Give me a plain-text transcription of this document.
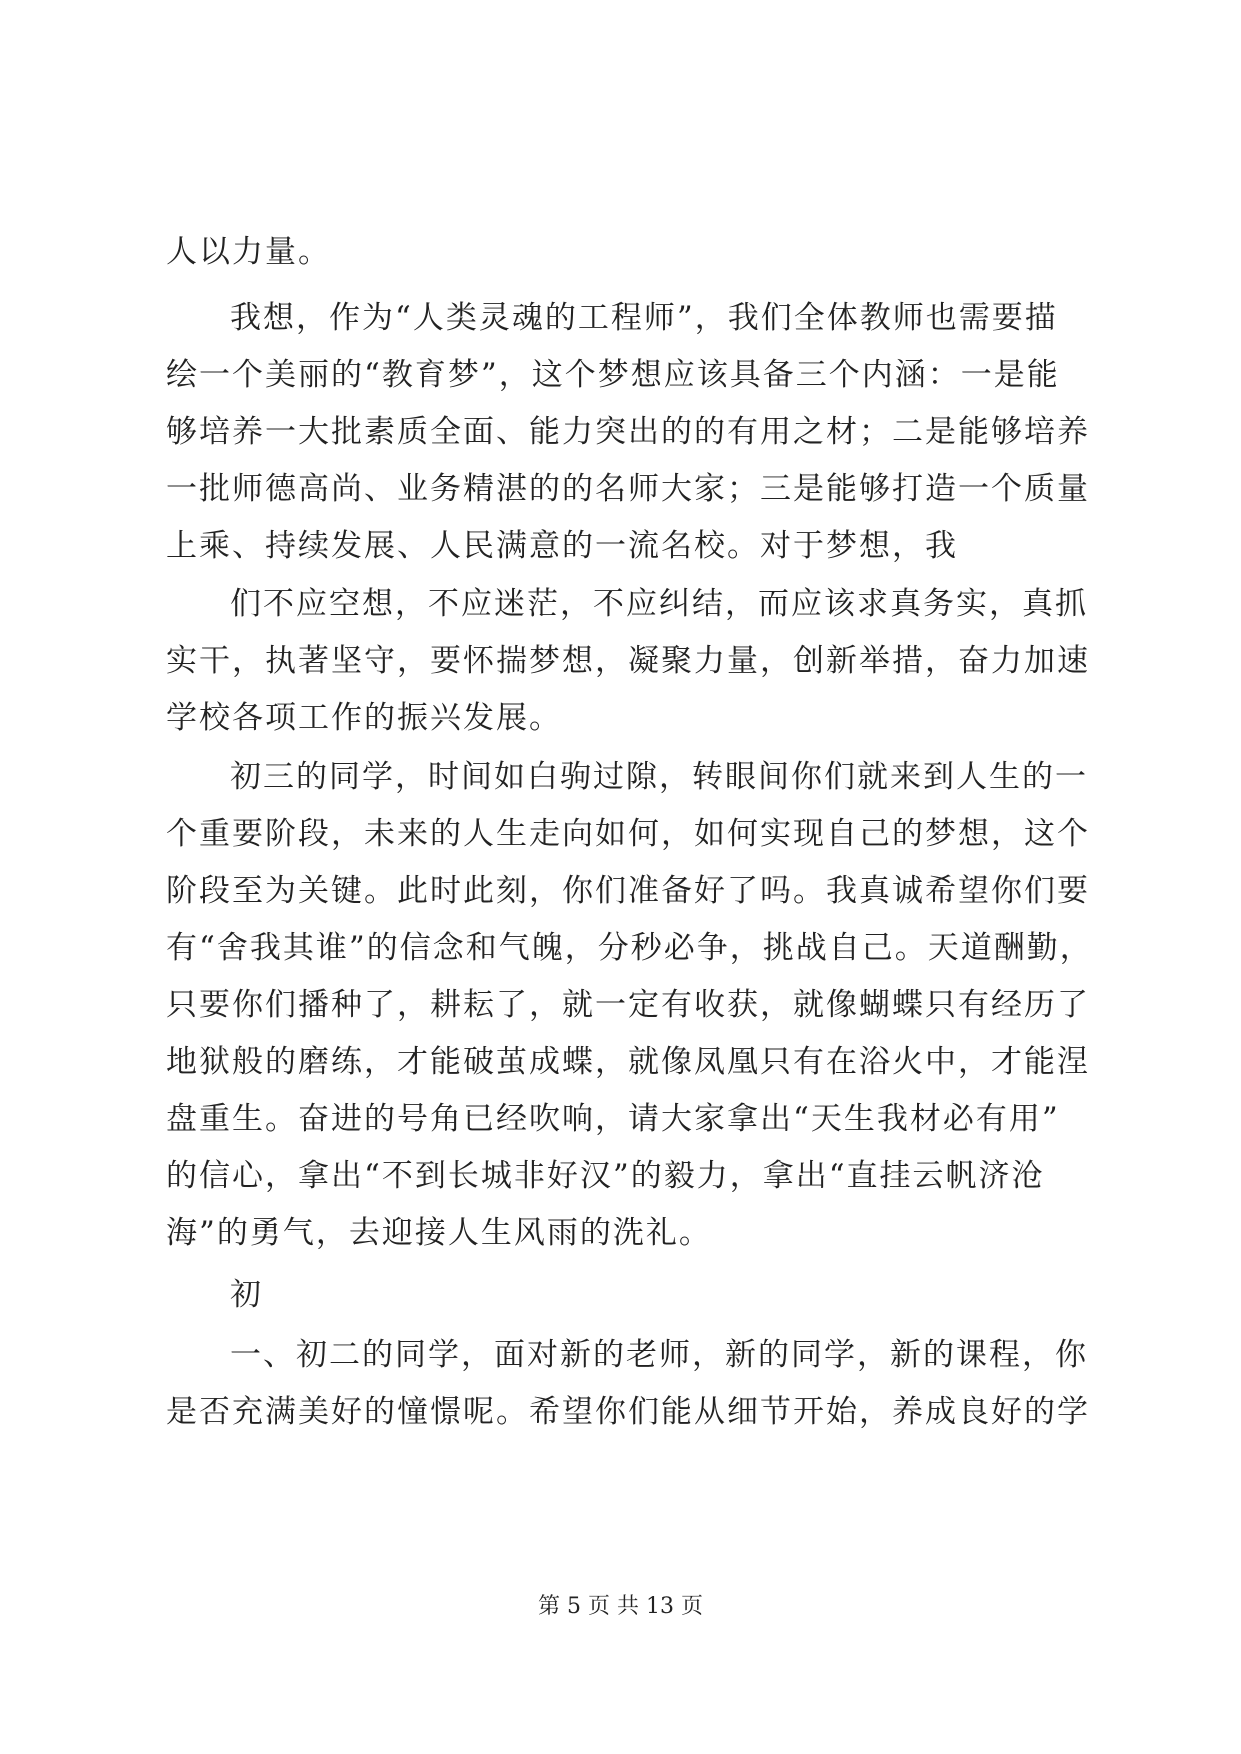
人以力量。
我想，作为“人类灵魂的工程师”，我们全体教师也需要描
绘一个美丽的“教育梦”，这个梦想应该具备三个内涵：一是能
够培养一大批素质全面、能力突出的的有用之材；二是能够培养
一批师德高尚、业务精湛的的名师大家；三是能够打造一个质量
上乘、持续发展、人民满意的一流名校。对于梦想，我
们不应空想，不应迷茫，不应纠结，而应该求真务实，真抓
实干，执著坚守，要怀揣梦想，凝聚力量，创新举措，奋力加速
学校各项工作的振兴发展。
初三的同学，时间如白驹过隙，转眼间你们就来到人生的一
个重要阶段，未来的人生走向如何，如何实现自己的梦想，这个
阶段至为关键。此时此刻，你们准备好了吗。我真诚希望你们要
有“舍我其谁”的信念和气魄，分秒必争，挑战自己。天道酬勤，
只要你们播种了，耕耘了，就一定有收获，就像蝴蝶只有经历了
地狱般的磨练，才能破茧成蝶，就像凤凰只有在浴火中，才能涅
盘重生。奋进的号角已经吹响，请大家拿出“天生我材必有用”
的信心，拿出“不到长城非好汉”的毅力，拿出“直挂云帆济沧
海”的勇气，去迎接人生风雨的洗礼。
初
一、初二的同学，面对新的老师，新的同学，新的课程，你
是否充满美好的憧憬呢。希望你们能从细节开始，养成良好的学
第 5 页 共 13 页
